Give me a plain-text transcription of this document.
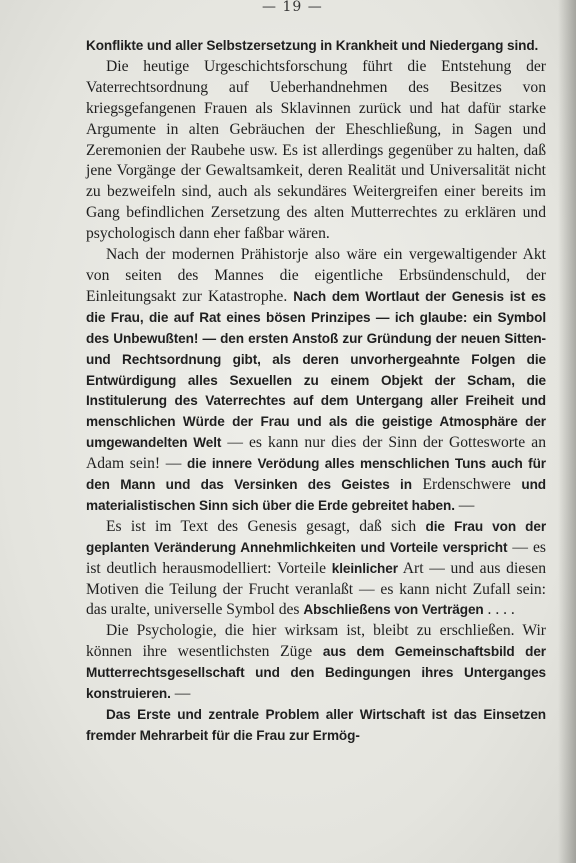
— 19 —

Konflikte und aller Selbstzersetzung in Krankheit und Niedergang sind.

Die heutige Urgeschichtsforschung führt die Entstehung der Vaterrechtsordnung auf Ueberhandnehmen des Besitzes von kriegsgefangenen Frauen als Sklavinnen zurück und hat dafür starke Argumente in alten Gebräuchen der Eheschließung, in Sagen und Zeremonien der Raubehe usw. Es ist allerdings gegenüber zu halten, daß jene Vorgänge der Gewaltsamkeit, deren Realität und Universalität nicht zu bezweifeln sind, auch als sekundäres Weitergreifen einer bereits im Gang befindlichen Zersetzung des alten Mutterrechtes zu erklären und psychologisch dann eher faßbar wären.

Nach der modernen Prähistorje also wäre ein vergewaltigender Akt von seiten des Mannes die eigentliche Erbsündenschuld, der Einleitungsakt zur Katastrophe. Nach dem Wortlaut der Genesis ist es die Frau, die auf Rat eines bösen Prinzipes — ich glaube: ein Symbol des Unbewußten! — den ersten Anstoß zur Gründung der neuen Sitten- und Rechtsordnung gibt, als deren unvorhergeahnte Folgen die Entwürdigung alles Sexuellen zu einem Objekt der Scham, die Institulerung des Vaterrechtes auf dem Untergang aller Freiheit und menschlichen Würde der Frau und als die geistige Atmosphäre der umgewandelten Welt — es kann nur dies der Sinn der Gottesworte an Adam sein! — die innere Verödung alles menschlichen Tuns auch für den Mann und das Versinken des Geistes in Erdenschwere und materialistischen Sinn sich über die Erde gebreitet haben. —

Es ist im Text des Genesis gesagt, daß sich die Frau von der geplanten Veränderung Annehmlichkeiten und Vorteile verspricht — es ist deutlich herausmodelliert: Vorteile kleinlicher Art — und aus diesen Motiven die Teilung der Frucht veranlaßt — es kann nicht Zufall sein: das uralte, universelle Symbol des Abschließens von Verträgen . . . .

Die Psychologie, die hier wirksam ist, bleibt zu erschließen. Wir können ihre wesentlichsten Züge aus dem Gemeinschaftsbild der Mutterrechtsgesellschaft und den Bedingungen ihres Unterganges konstruieren. —

Das Erste und zentrale Problem aller Wirtschaft ist das Einsetzen fremder Mehrarbeit für die Frau zur Ermög-
